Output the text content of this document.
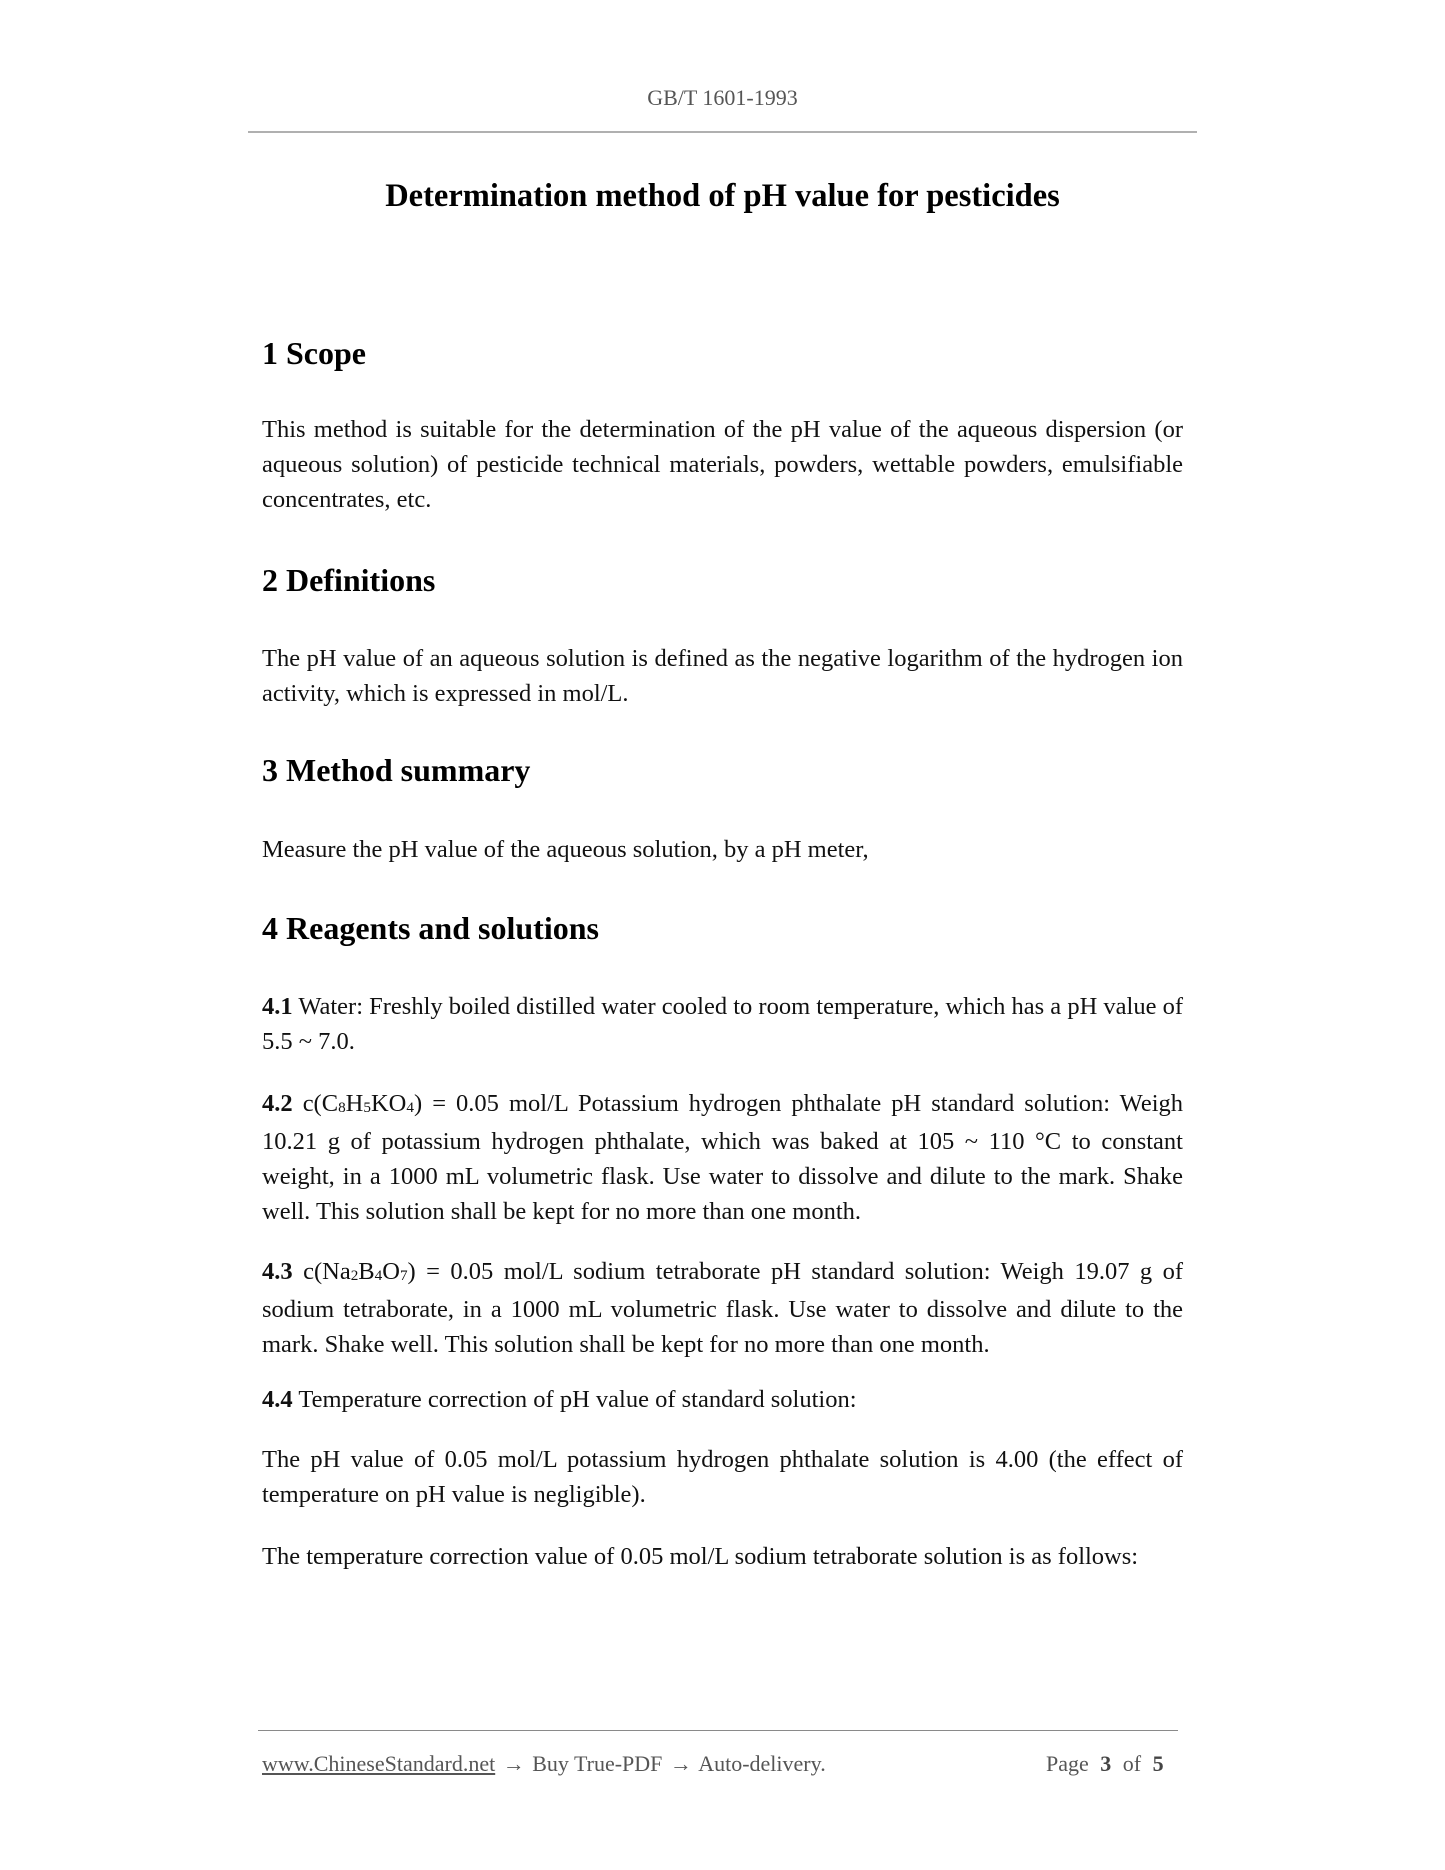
GB/T 1601-1993
Determination method of pH value for pesticides
1 Scope

This method is suitable for the determination of the pH value of the aqueous dispersion (or aqueous solution) of pesticide technical materials, powders, wettable powders, emulsifiable concentrates, etc.

2 Definitions

The pH value of an aqueous solution is defined as the negative logarithm of the hydrogen ion activity, which is expressed in mol/L.

3 Method summary

Measure the pH value of the aqueous solution, by a pH meter,

4 Reagents and solutions

4.1 Water: Freshly boiled distilled water cooled to room temperature, which has a pH value of 5.5 ~ 7.0.

4.2 $c(C_8H_5KO_4) = 0.05$ mol/L Potassium hydrogen phthalate pH standard solution: Weigh 10.21 g of potassium hydrogen phthalate, which was baked at 105 ~ 110 °C to constant weight, in a 1000 mL volumetric flask. Use water to dissolve and dilute to the mark. Shake well. This solution shall be kept for no more than one month.

4.3 $c(Na_2B_4O_7) = 0.05$ mol/L sodium tetraborate pH standard solution: Weigh 19.07 g of sodium tetraborate, in a 1000 mL volumetric flask. Use water to dissolve and dilute to the mark. Shake well. This solution shall be kept for no more than one month.

4.4 Temperature correction of pH value of standard solution:

The pH value of 0.05 mol/L potassium hydrogen phthalate solution is 4.00 (the effect of temperature on pH value is negligible).

The temperature correction value of 0.05 mol/L sodium tetraborate solution is as follows:

www.ChineseStandard.net → Buy True-PDF → Auto-delivery.	Page 3 of 5
